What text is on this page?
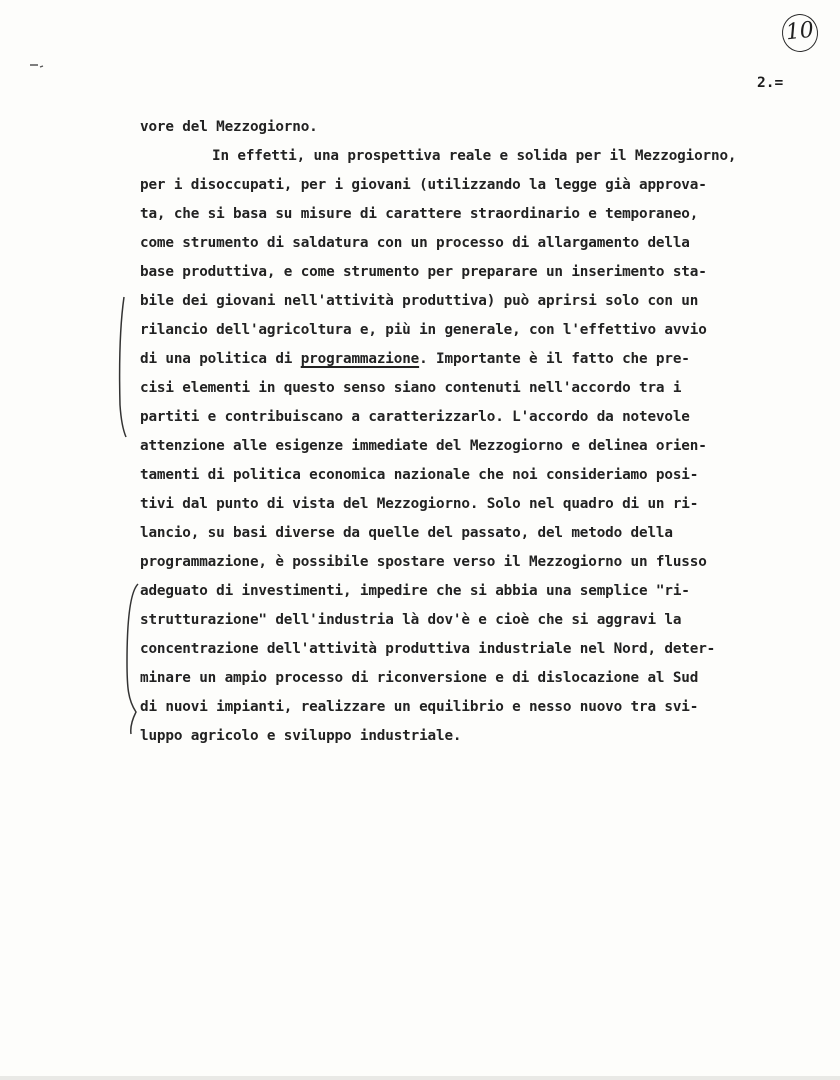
10
2.=
vore del Mezzogiorno.
In effetti, una prospettiva reale e solida per il Mezzogiorno,
per i disoccupati, per i giovani (utilizzando la legge già approva-
ta, che si basa su misure di carattere straordinario e temporaneo,
come strumento di saldatura con un processo di allargamento della
base produttiva, e come strumento per preparare un inserimento sta-
bile dei giovani nell'attività produttiva) può aprirsi solo con un
rilancio dell'agricoltura e, più in generale, con l'effettivo avvio
di una politica di programmazione. Importante è il fatto che pre-
cisi elementi in questo senso siano contenuti nell'accordo tra i
partiti e contribuiscano a caratterizzarlo. L'accordo da notevole
attenzione alle esigenze immediate del Mezzogiorno e delinea orien-
tamenti di politica economica nazionale che noi consideriamo posi-
tivi dal punto di vista del Mezzogiorno. Solo nel quadro di un ri-
lancio, su basi diverse da quelle del passato, del metodo della
programmazione, è possibile spostare verso il Mezzogiorno un flusso
adeguato di investimenti, impedire che si abbia una semplice "ri-
strutturazione" dell'industria là dov'è e cioè che si aggravi la
concentrazione dell'attività produttiva industriale nel Nord, deter-
minare un ampio processo di riconversione e di dislocazione al Sud
di nuovi impianti, realizzare un equilibrio e nesso nuovo tra svi-
luppo agricolo e sviluppo industriale.
